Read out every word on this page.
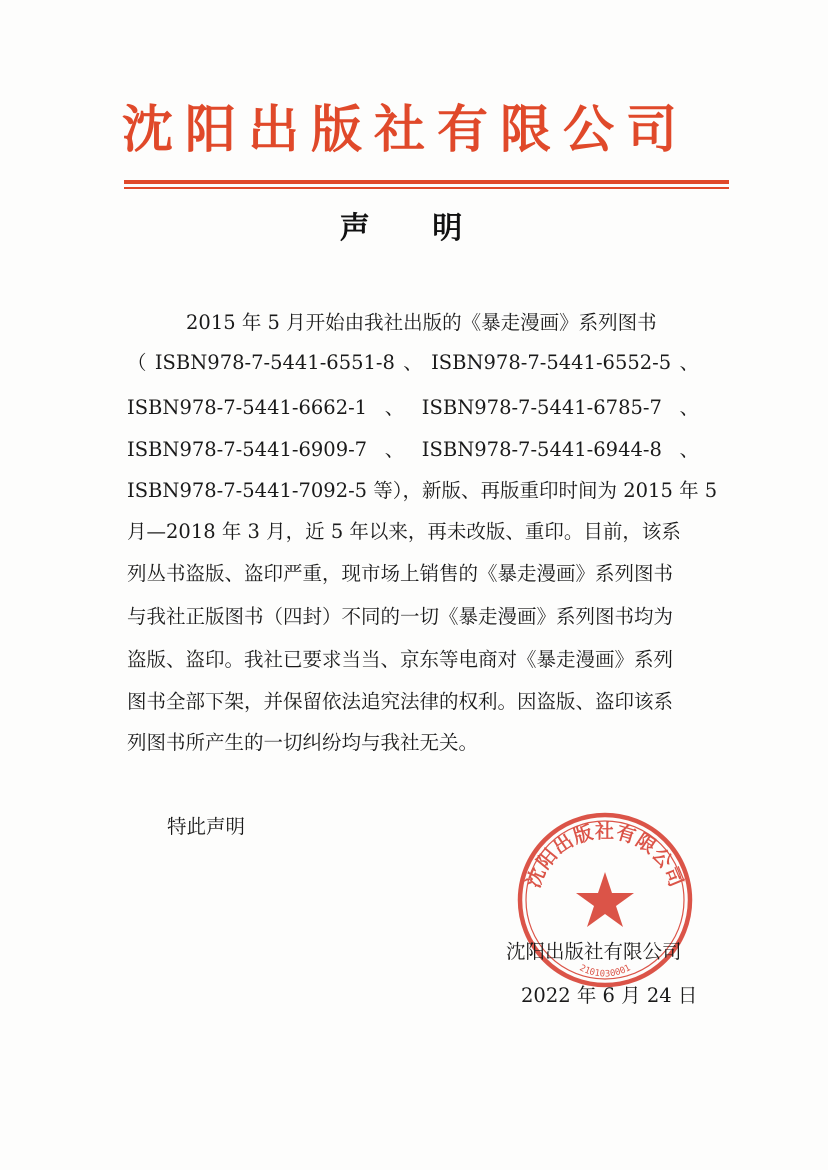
沈阳出版社有限公司
声 明
2015 年 5 月开始由我社出版的《暴走漫画》系列图书
（ ISBN978-7-5441-6551-8 、 ISBN978-7-5441-6552-5 、
ISBN978-7-5441-6662-1 、 ISBN978-7-5441-6785-7 、
ISBN978-7-5441-6909-7 、 ISBN978-7-5441-6944-8 、
ISBN978-7-5441-7092-5 等），新版、再版重印时间为 2015 年 5
月—2018 年 3 月，近 5 年以来，再未改版、重印。目前，该系
列丛书盗版、盗印严重，现市场上销售的《暴走漫画》系列图书
与我社正版图书（四封）不同的一切《暴走漫画》系列图书均为
盗版、盗印。我社已要求当当、京东等电商对《暴走漫画》系列
图书全部下架，并保留依法追究法律的权利。因盗版、盗印该系
列图书所产生的一切纠纷均与我社无关。
特此声明
沈阳出版社有限公司
2101030001
沈阳出版社有限公司
2022 年 6 月 24 日
